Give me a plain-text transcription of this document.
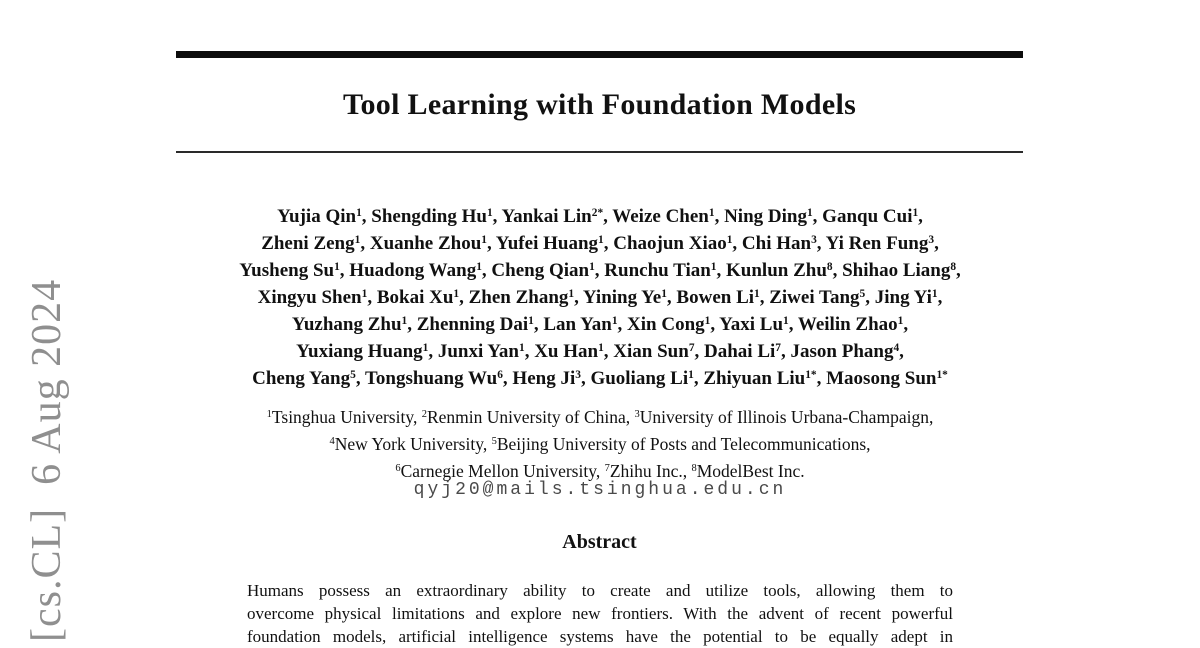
[cs.CL]  6 Aug 2024
Tool Learning with Foundation Models
Yujia Qin$^1$, Shengding Hu$^1$, Yankai Lin$^{2*}$, Weize Chen$^1$, Ning Ding$^1$, Ganqu Cui$^1$,
Zheni Zeng$^1$, Xuanhe Zhou$^1$, Yufei Huang$^1$, Chaojun Xiao$^1$, Chi Han$^3$, Yi Ren Fung$^3$,
Yusheng Su$^1$, Huadong Wang$^1$, Cheng Qian$^1$, Runchu Tian$^1$, Kunlun Zhu$^8$, Shihao Liang$^8$,
Xingyu Shen$^1$, Bokai Xu$^1$, Zhen Zhang$^1$, Yining Ye$^1$, Bowen Li$^1$, Ziwei Tang$^5$, Jing Yi$^1$,
Yuzhang Zhu$^1$, Zhenning Dai$^1$, Lan Yan$^1$, Xin Cong$^1$, Yaxi Lu$^1$, Weilin Zhao$^1$,
Yuxiang Huang$^1$, Junxi Yan$^1$, Xu Han$^1$, Xian Sun$^7$, Dahai Li$^7$, Jason Phang$^4$,
Cheng Yang$^5$, Tongshuang Wu$^6$, Heng Ji$^3$, Guoliang Li$^1$, Zhiyuan Liu$^{1*}$, Maosong Sun$^{1*}$
$^1$Tsinghua University, $^2$Renmin University of China, $^3$University of Illinois Urbana-Champaign,
$^4$New York University, $^5$Beijing University of Posts and Telecommunications,
$^6$Carnegie Mellon University, $^7$Zhihu Inc., $^8$ModelBest Inc.
qyj20@mails.tsinghua.edu.cn
Abstract
Humans possess an extraordinary ability to create and utilize tools, allowing them to
overcome physical limitations and explore new frontiers. With the advent of recent powerful
foundation models, artificial intelligence systems have the potential to be equally adept in
